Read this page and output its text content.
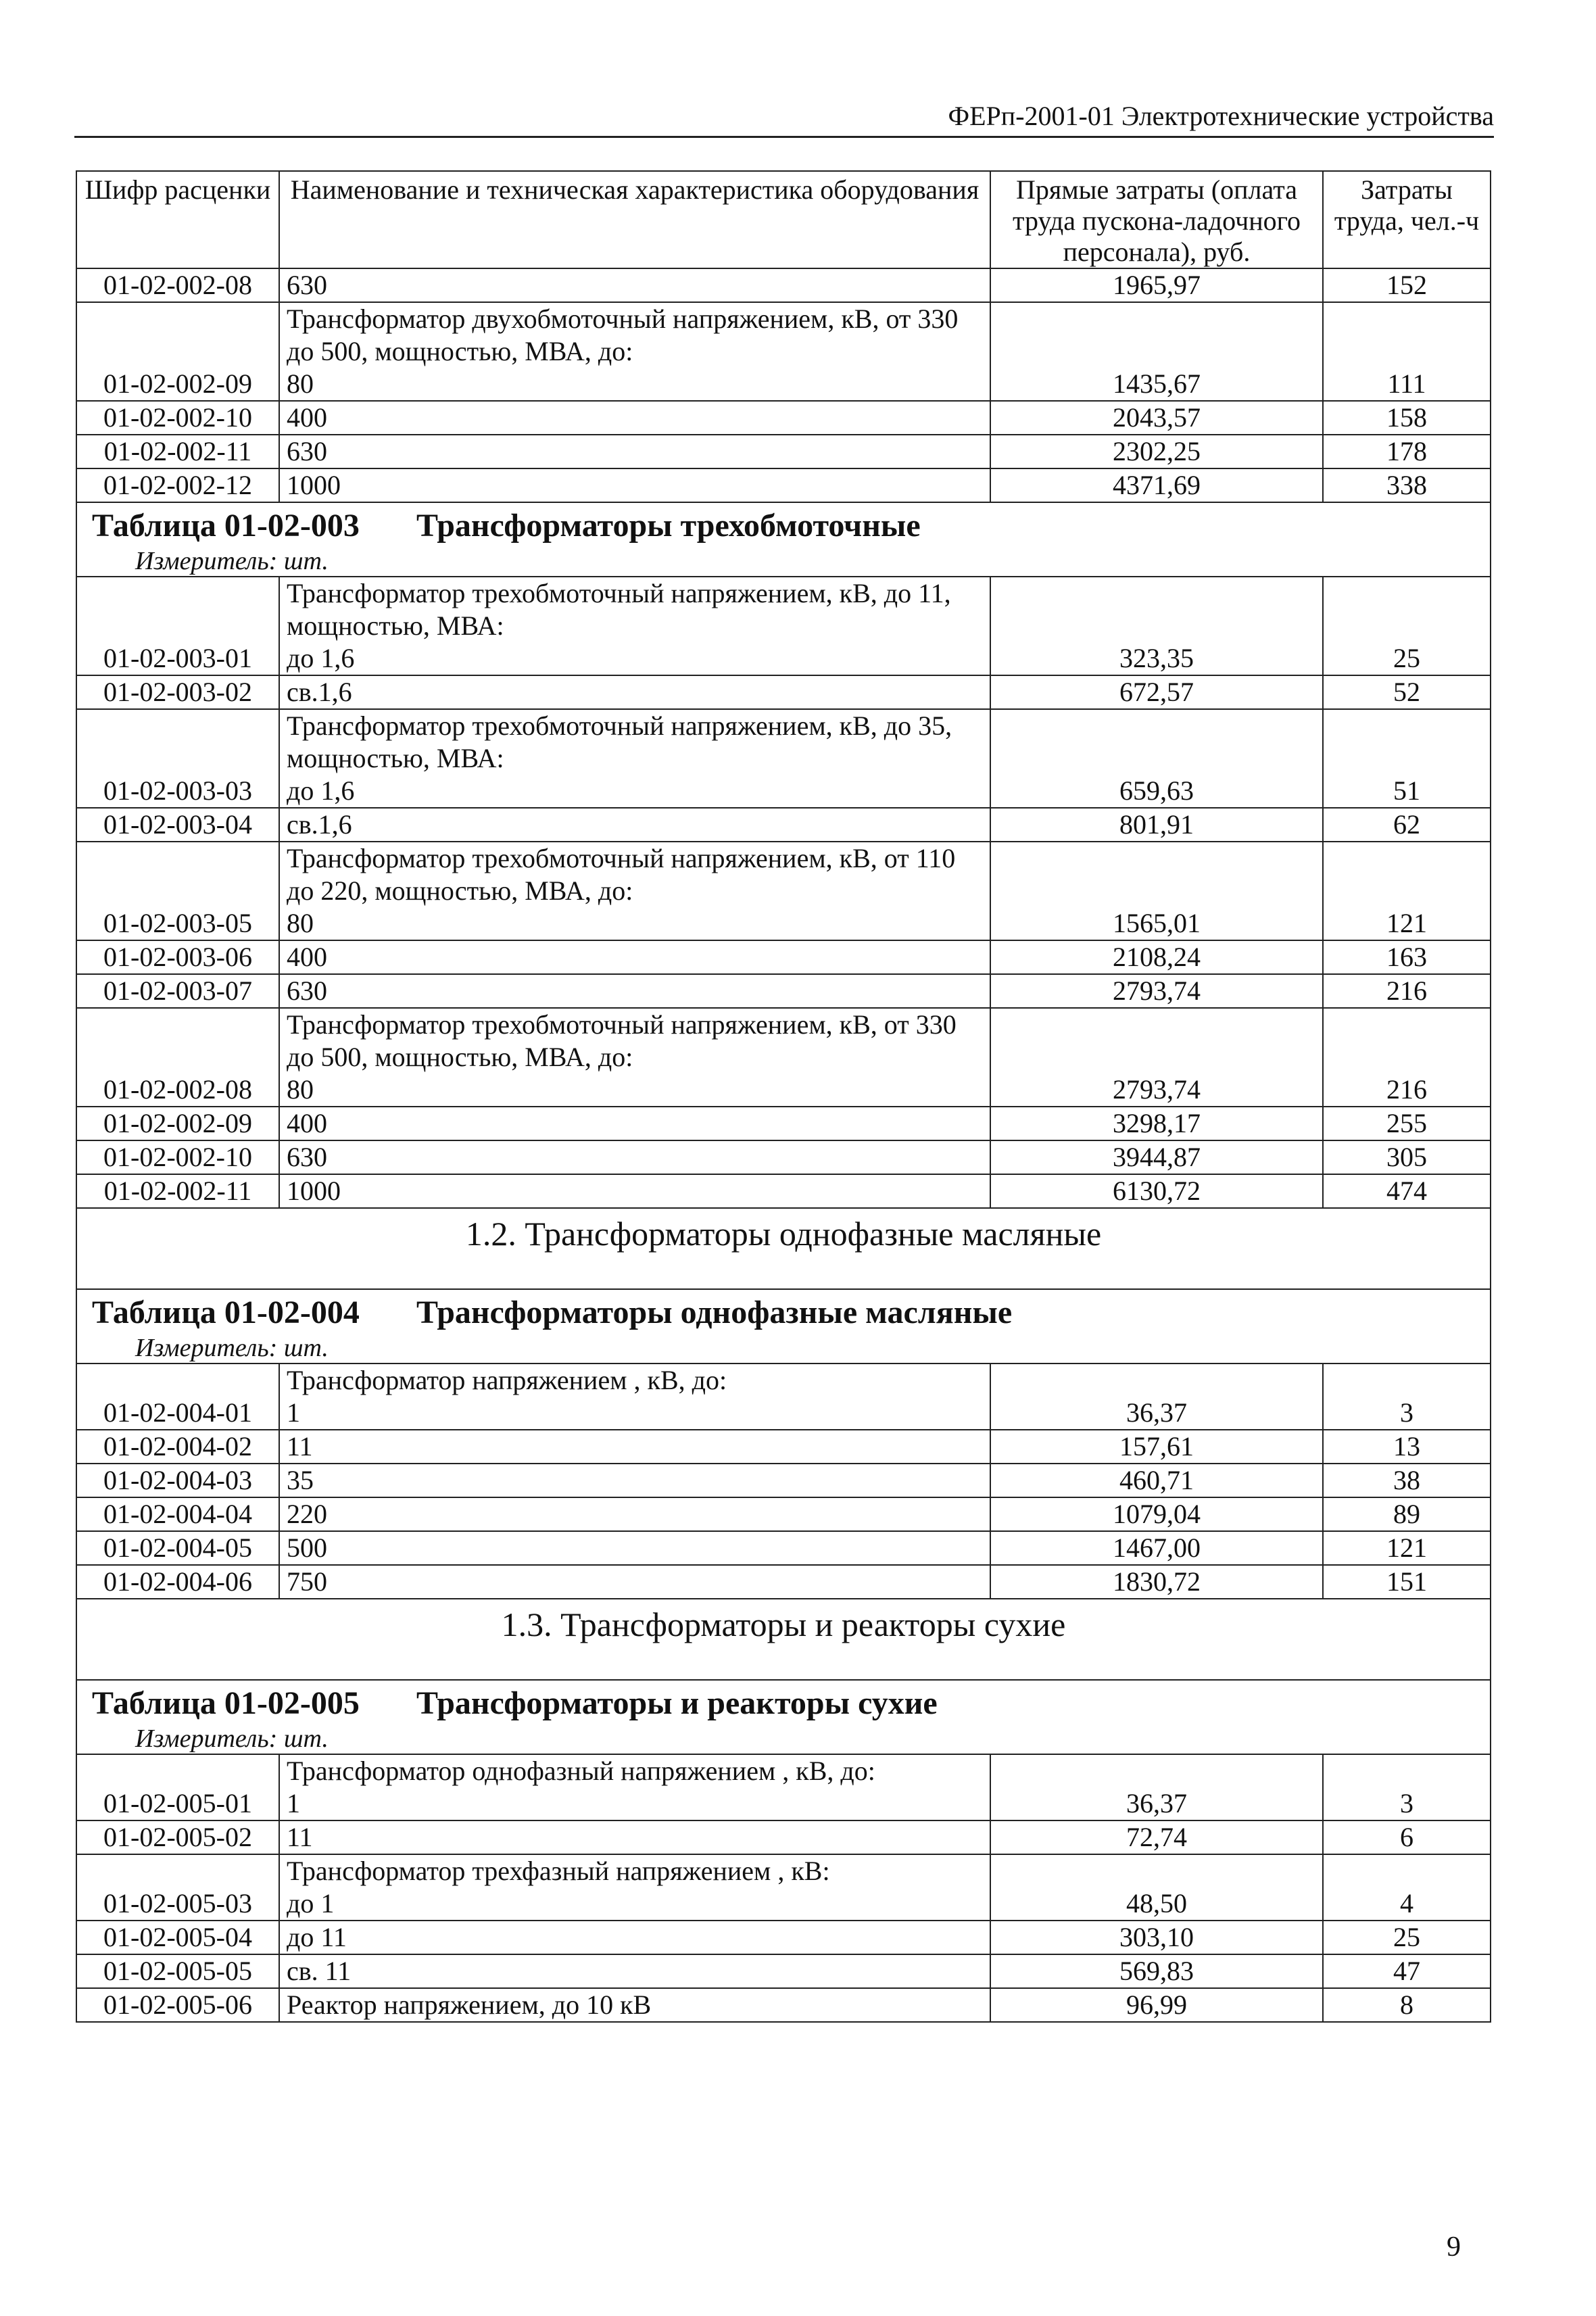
ФЕРп-2001-01 Электротехнические устройства
Шифр расценки	Наименование и техническая характеристика оборудования	Прямые затраты (оплата труда пускона-ладочного персонала), руб.	Затраты труда, чел.-ч
01-02-002-08	630	1965,97	152
	Трансформатор двухобмоточный напряжением, кВ, от 330 до 500, мощностью, МВА, до:		
01-02-002-09	80	1435,67	111
01-02-002-10	400	2043,57	158
01-02-002-11	630	2302,25	178
01-02-002-12	1000	4371,69	338

Таблица 01-02-003 Трансформаторы трехобмоточные
Измеритель: шт.			

	Трансформатор трехобмоточный напряжением, кВ, до 11, мощностью, МВА:		
01-02-003-01	до 1,6	323,35	25
01-02-003-02	св.1,6	672,57	52
	Трансформатор трехобмоточный напряжением, кВ, до 35, мощностью, МВА:		
01-02-003-03	до 1,6	659,63	51
01-02-003-04	св.1,6	801,91	62
	Трансформатор трехобмоточный напряжением, кВ, от 110 до 220, мощностью, МВА, до:		
01-02-003-05	80	1565,01	121
01-02-003-06	400	2108,24	163
01-02-003-07	630	2793,74	216
	Трансформатор трехобмоточный напряжением, кВ, от 330 до 500, мощностью, МВА, до:		
01-02-002-08	80	2793,74	216
01-02-002-09	400	3298,17	255
01-02-002-10	630	3944,87	305
01-02-002-11	1000	6130,72	474

1.2. Трансформаторы однофазные масляные			

Таблица 01-02-004 Трансформаторы однофазные масляные
Измеритель: шт.			

	Трансформатор напряжением , кВ, до:		
01-02-004-01	1	36,37	3
01-02-004-02	11	157,61	13
01-02-004-03	35	460,71	38
01-02-004-04	220	1079,04	89
01-02-004-05	500	1467,00	121
01-02-004-06	750	1830,72	151

1.3. Трансформаторы и реакторы сухие			

Таблица 01-02-005 Трансформаторы и реакторы сухие
Измеритель: шт.			

	Трансформатор однофазный напряжением , кВ, до:		
01-02-005-01	1	36,37	3
01-02-005-02	11	72,74	6
	Трансформатор трехфазный напряжением , кВ:		
01-02-005-03	до 1	48,50	4
01-02-005-04	до 11	303,10	25
01-02-005-05	св. 11	569,83	47
01-02-005-06	Реактор напряжением, до 10 кВ	96,99	8
9
